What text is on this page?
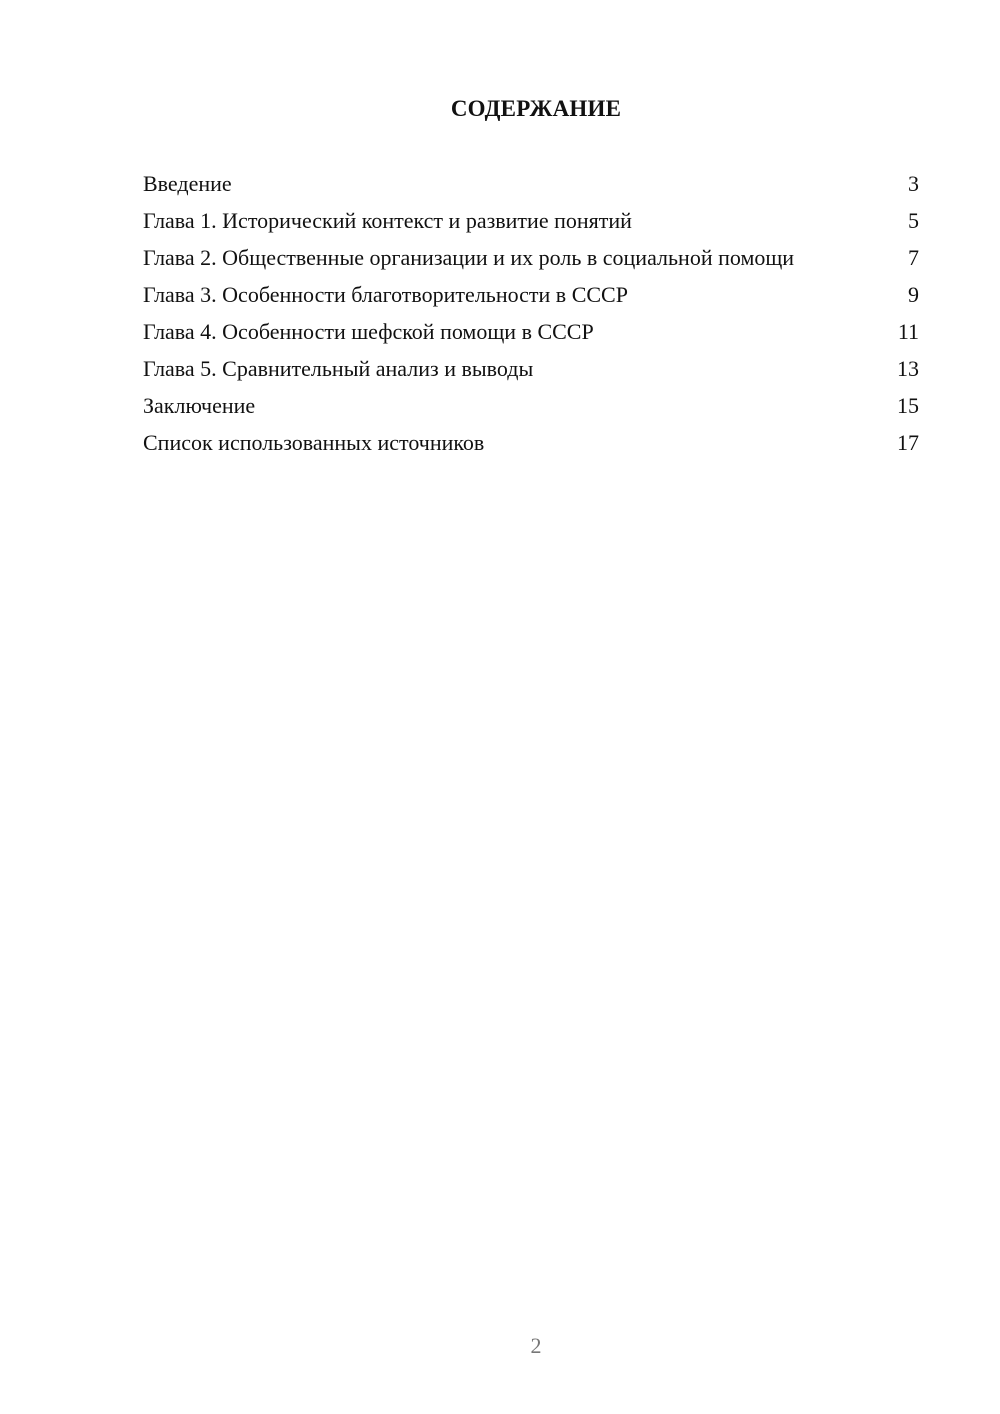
СОДЕРЖАНИЕ
Введение	3
Глава 1. Исторический контекст и развитие понятий	5
Глава 2. Общественные организации и их роль в социальной помощи	7
Глава 3. Особенности благотворительности в СССР	9
Глава 4. Особенности шефской помощи в СССР	11
Глава 5. Сравнительный анализ и выводы	13
Заключение	15
Список использованных источников	17
2
